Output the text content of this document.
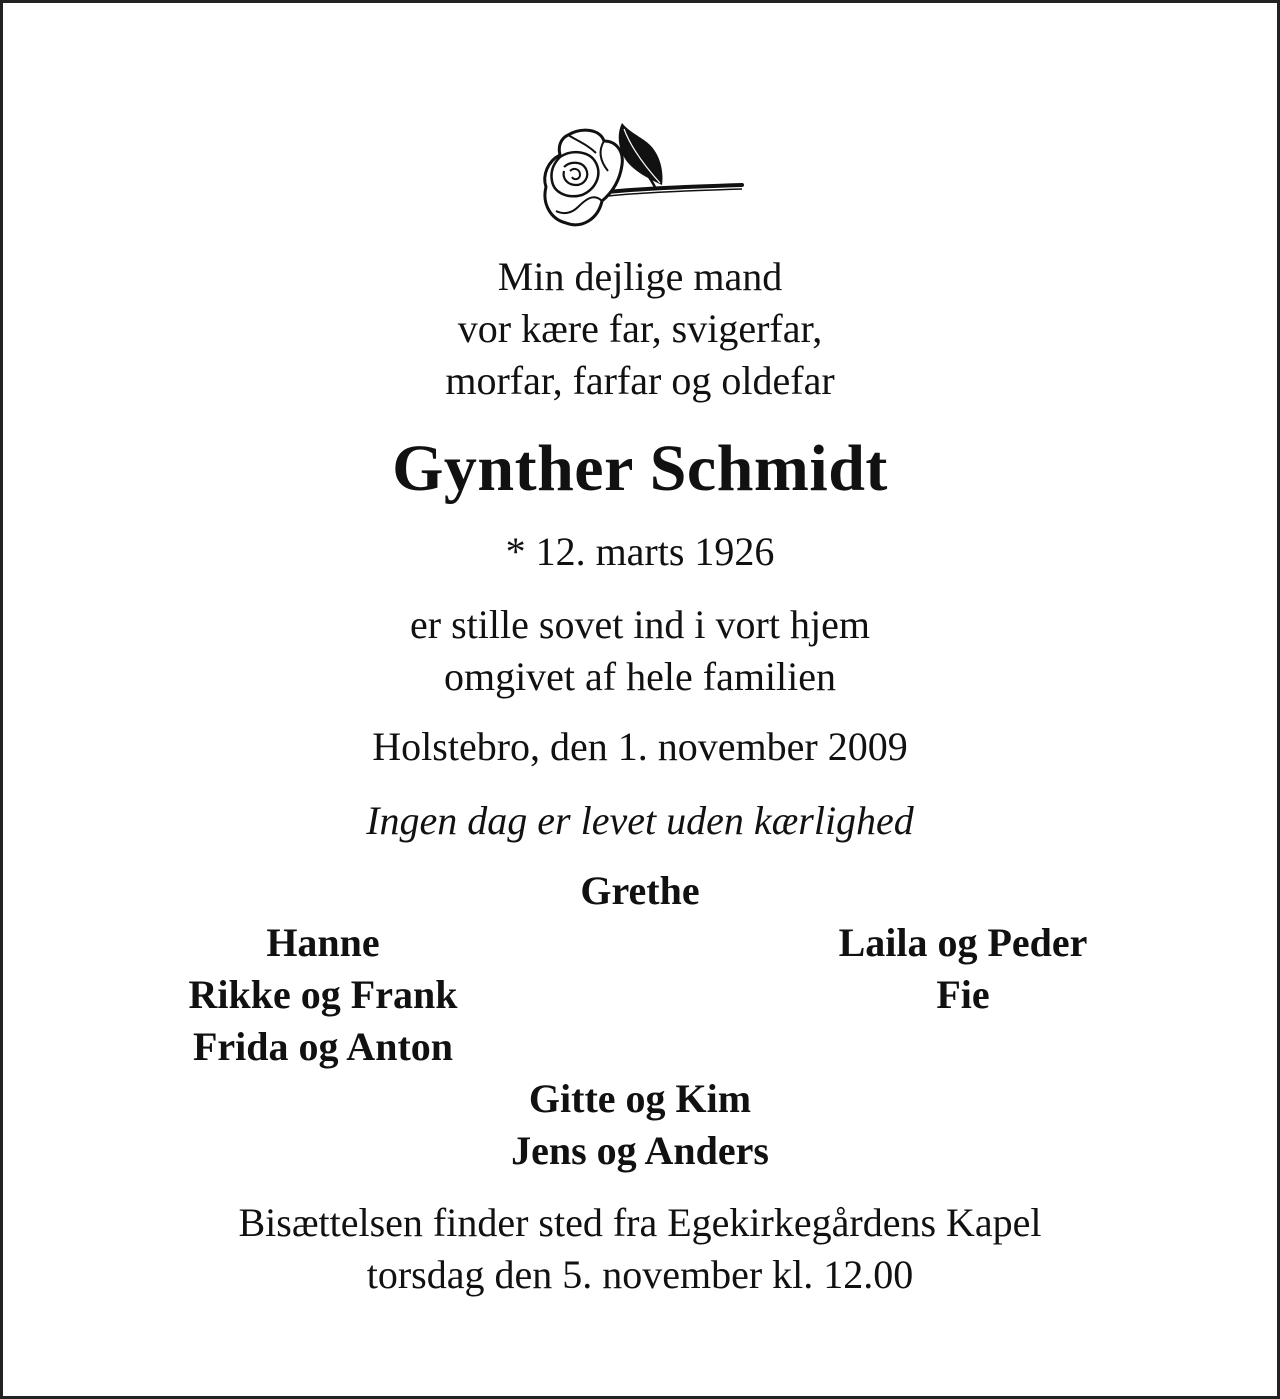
Min dejlige mand
vor kære far, svigerfar,
morfar, farfar og oldefar
Gynther Schmidt
* 12. marts 1926
er stille sovet ind i vort hjem
omgivet af hele familien
Holstebro, den 1. november 2009
Ingen dag er levet uden kærlighed
Grethe
Hanne
Rikke og Frank
Frida og Anton
Laila og Peder
Fie
Gitte og Kim
Jens og Anders
Bisættelsen finder sted fra Egekirkegårdens Kapel
torsdag den 5. november kl. 12.00
